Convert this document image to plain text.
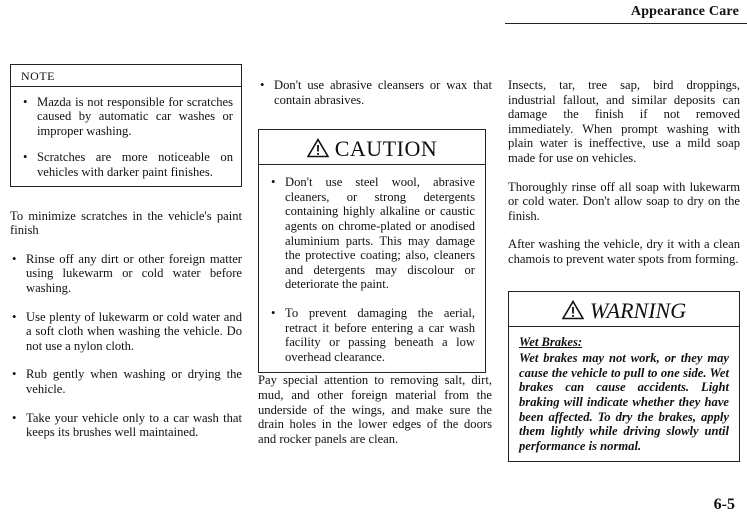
Appearance Care
NOTE
• Mazda is not responsible for scratches caused by automatic car washes or improper washing.
• Scratches are more noticeable on vehicles with darker paint finishes.
To minimize scratches in the vehicle's paint finish
• Rinse off any dirt or other foreign matter using lukewarm or cold water before washing.
• Use plenty of lukewarm or cold water and a soft cloth when washing the vehicle. Do not use a nylon cloth.
• Rub gently when washing or drying the vehicle.
• Take your vehicle only to a car wash that keeps its brushes well maintained.
• Don't use abrasive cleansers or wax that contain abrasives.
CAUTION
• Don't use steel wool, abrasive cleaners, or strong detergents containing highly alkaline or caustic agents on chrome-plated or anodised aluminium parts. This may damage the protective coating; also, cleaners and detergents may discolour or deteriorate the paint.
• To prevent damaging the aerial, retract it before entering a car wash facility or passing beneath a low overhead clearance.

Pay special attention to removing salt, dirt, mud, and other foreign material from the underside of the wings, and make sure the drain holes in the lower edges of the doors and rocker panels are clean.

Insects, tar, tree sap, bird droppings, industrial fallout, and similar deposits can damage the finish if not removed immediately. When prompt washing with plain water is ineffective, use a mild soap made for use on vehicles.

Thoroughly rinse off all soap with lukewarm or cold water. Don't allow soap to dry on the finish.

After washing the vehicle, dry it with a clean chamois to prevent water spots from forming.

WARNING
Wet Brakes:
Wet brakes may not work, or they may cause the vehicle to pull to one side. Wet brakes can cause accidents. Light braking will indicate whether they have been affected. To dry the brakes, apply them lightly while driving slowly until performance is normal.
6-5
